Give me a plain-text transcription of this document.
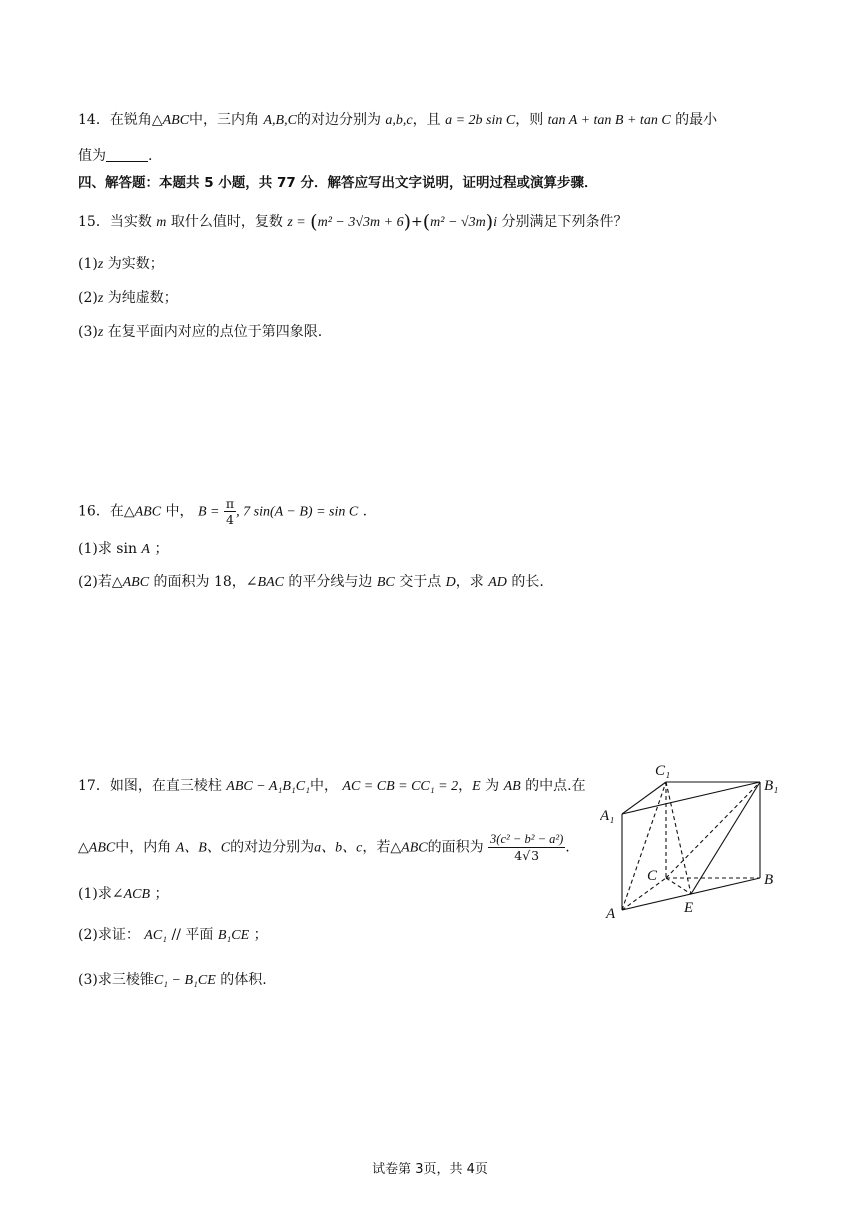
14．在锐角△ABC中，三内角 A,B,C的对边分别为 a,b,c，且 a = 2b sin C，则 tan A + tan B + tan C 的最小
值为	.
四、解答题：本题共 5 小题，共 77 分．解答应写出文字说明，证明过程或演算步骤．
15．当实数 m 取什么值时，复数 z = (m² − 3√3m + 6)+(m² − √3m)i 分别满足下列条件？
(1)z 为实数；
(2)z 为纯虚数；
(3)z 在复平面内对应的点位于第四象限.
16．在△ABC 中， $B = \frac{\pi}{4}$ , 7 sin(A − B) = sin C .
(1)求 sin A ；
(2)若△ABC 的面积为 18，∠BAC 的平分线与边 BC 交于点 D，求 AD 的长.
17．如图，在直三棱柱 ABC − A₁B₁C₁中， AC = CB = CC₁ = 2，E 为 AB 的中点.在
△ABC中，内角 A、B、C的对边分别为a、b、c，若△ABC的面积为 $\frac{\text{3(c² − b² − a²)}}{4√3}$ .
(1)求∠ACB ；
(2)求证： AC₁ // 平面 B₁CE ；
(3)求三棱锥C₁ − B₁CE 的体积.
C₁
B₁
A₁
C	B
A	E
试卷第 3页，共 4页
